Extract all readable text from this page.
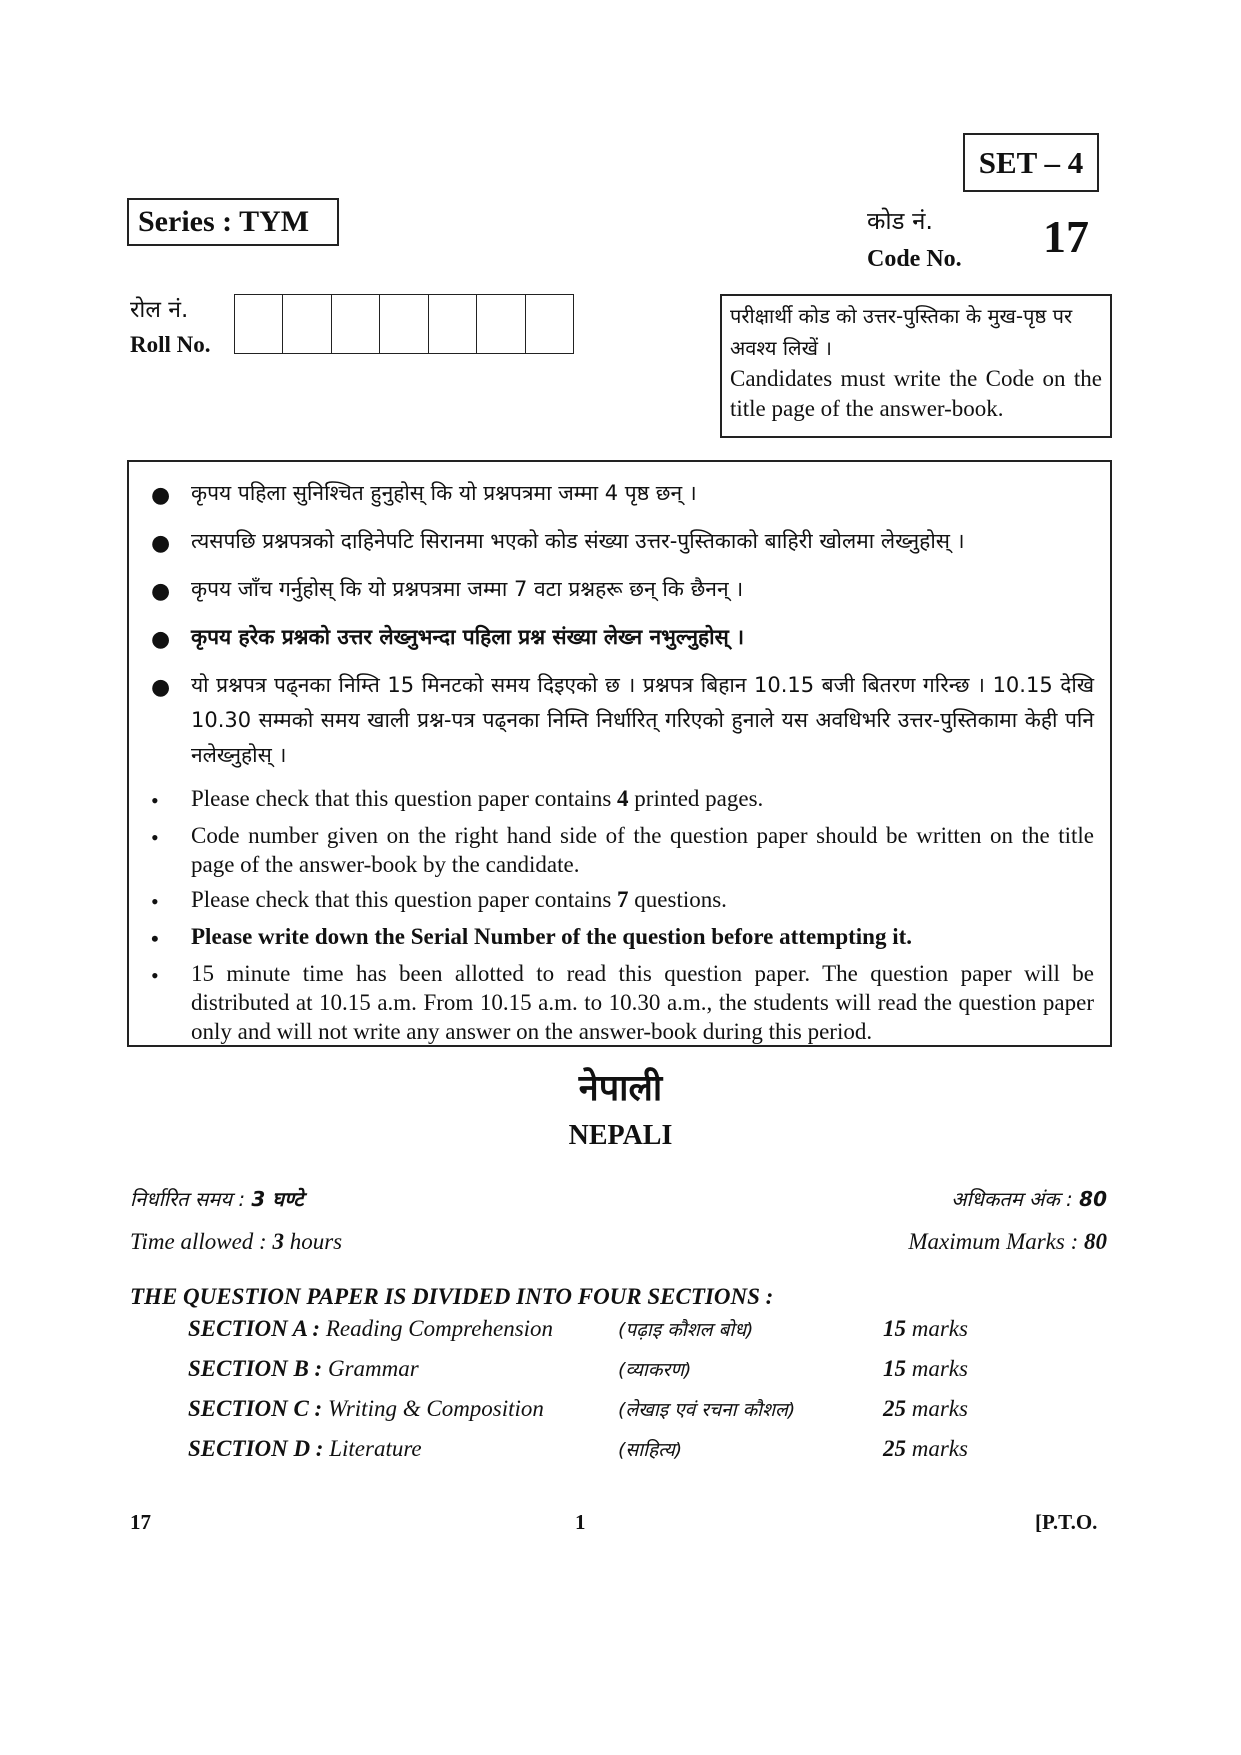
SET – 4
Series : TYM	कोड नं.
Code No. 17
रोल नं.
Roll No.
परीक्षार्थी कोड को उत्तर-पुस्तिका के मुख-पृष्ठ पर अवश्य लिखें ।
Candidates must write the Code on the title page of the answer-book.
● कृपय पहिला सुनिश्चित हुनुहोस् कि यो प्रश्नपत्रमा जम्मा 4 पृष्ठ छन् ।
● त्यसपछि प्रश्नपत्रको दाहिनेपटि सिरानमा भएको कोड संख्या उत्तर-पुस्तिकाको बाहिरी खोलमा लेख्नुहोस् ।
● कृपय जाँच गर्नुहोस् कि यो प्रश्नपत्रमा जम्मा 7 वटा प्रश्नहरू छन् कि छैनन् ।
● कृपय हरेक प्रश्नको उत्तर लेख्नुभन्दा पहिला प्रश्न संख्या लेख्न नभुल्नुहोस् ।
● यो प्रश्नपत्र पढ्नका निम्ति 15 मिनटको समय दिइएको छ । प्रश्नपत्र बिहान 10.15 बजी बितरण गरिन्छ । 10.15 देखि 10.30 सम्मको समय खाली प्रश्न-पत्र पढ्नका निम्ति निर्धारित् गरिएको हुनाले यस अवधिभरि उत्तर-पुस्तिकामा केही पनि नलेख्नुहोस् ।
•	Please check that this question paper contains 4 printed pages.
•	Code number given on the right hand side of the question paper should be written on the title page of the answer-book by the candidate.
•	Please check that this question paper contains 7 questions.
•	Please write down the Serial Number of the question before attempting it.
•	15 minute time has been allotted to read this question paper. The question paper will be distributed at 10.15 a.m. From 10.15 a.m. to 10.30 a.m., the students will read the question paper only and will not write any answer on the answer-book during this period.
नेपाली
NEPALI
निर्धारित समय : 3 घण्टे	अधिकतम अंक : 80
Time allowed : 3 hours	Maximum Marks : 80
THE QUESTION PAPER IS DIVIDED INTO FOUR SECTIONS :
SECTION A : Reading Comprehension	(पढ़ाइ कौशल बोध)	15 marks
SECTION B : Grammar	(व्याकरण)	15 marks
SECTION C : Writing & Composition	(लेखाइ एवं रचना कौशल)	25 marks
SECTION D : Literature	(साहित्य)	25 marks
17	1	[P.T.O.
